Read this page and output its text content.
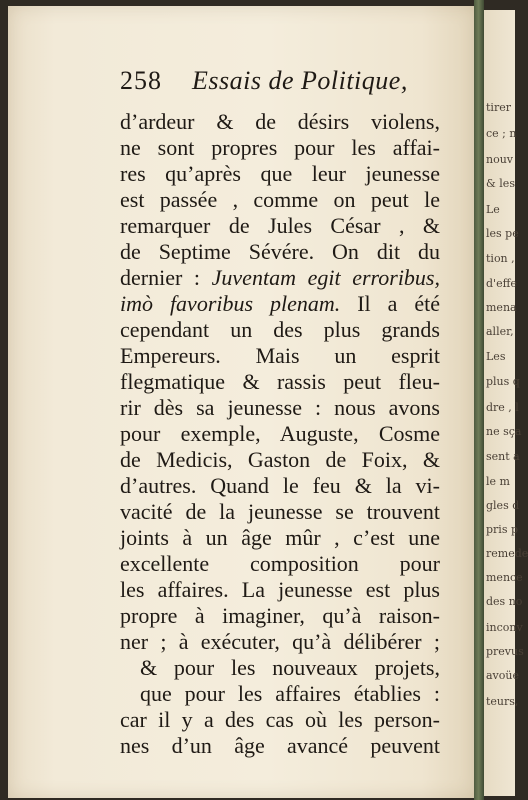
258 Essais de Politique,
d’ardeur & de désirs violens,
ne sont propres pour les affai-
res qu’après que leur jeunesse
est passée , comme on peut le
remarquer de Jules César , &
de Septime Sévére. On dit du
dernier : Juventam egit erroribus,
imò favoribus plenam. Il a été
cependant un des plus grands
Empereurs. Mais un esprit
flegmatique & rassis peut fleu-
rir dès sa jeunesse : nous avons
pour exemple, Auguste, Cosme
de Medicis, Gaston de Foix, &
d’autres. Quand le feu & la vi-
vacité de la jeunesse se trouvent
joints à un âge mûr , c’est une
excellente composition pour
les affaires. La jeunesse est plus
propre à imaginer, qu’à raison-
ner ; à exécuter, qu’à délibérer ;
& pour les nouveaux projets,
que pour les affaires établies :
car il y a des cas où les person-
nes d’un âge avancé peuvent
tirer
ce ; n
nouv
& les
Le
les pe
tion ,
d'effe
mena
aller,
Les
plus q
dre , l
ne sça
sent a
le m
gles d
pris p
remede
mence
des no
inconv
prevus
avoüe
teurs,
